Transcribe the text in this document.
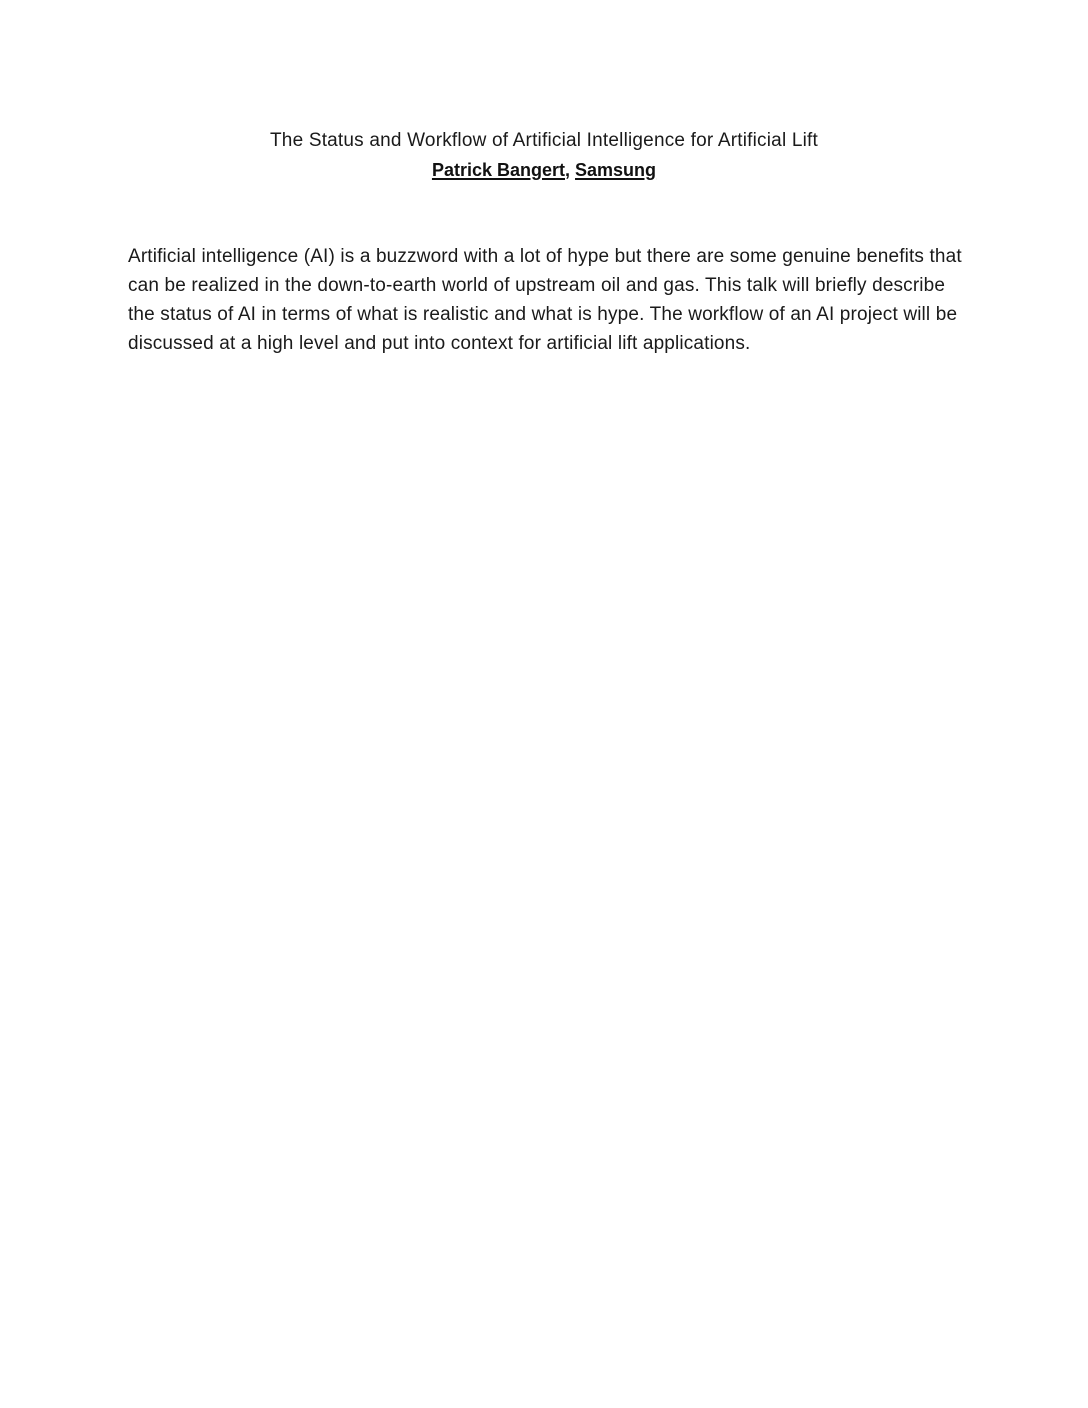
The Status and Workflow of Artificial Intelligence for Artificial Lift
Patrick Bangert, Samsung

Artificial intelligence (AI) is a buzzword with a lot of hype but there are some genuine benefits that can be realized in the down-to-earth world of upstream oil and gas. This talk will briefly describe the status of AI in terms of what is realistic and what is hype. The workflow of an AI project will be discussed at a high level and put into context for artificial lift applications.
